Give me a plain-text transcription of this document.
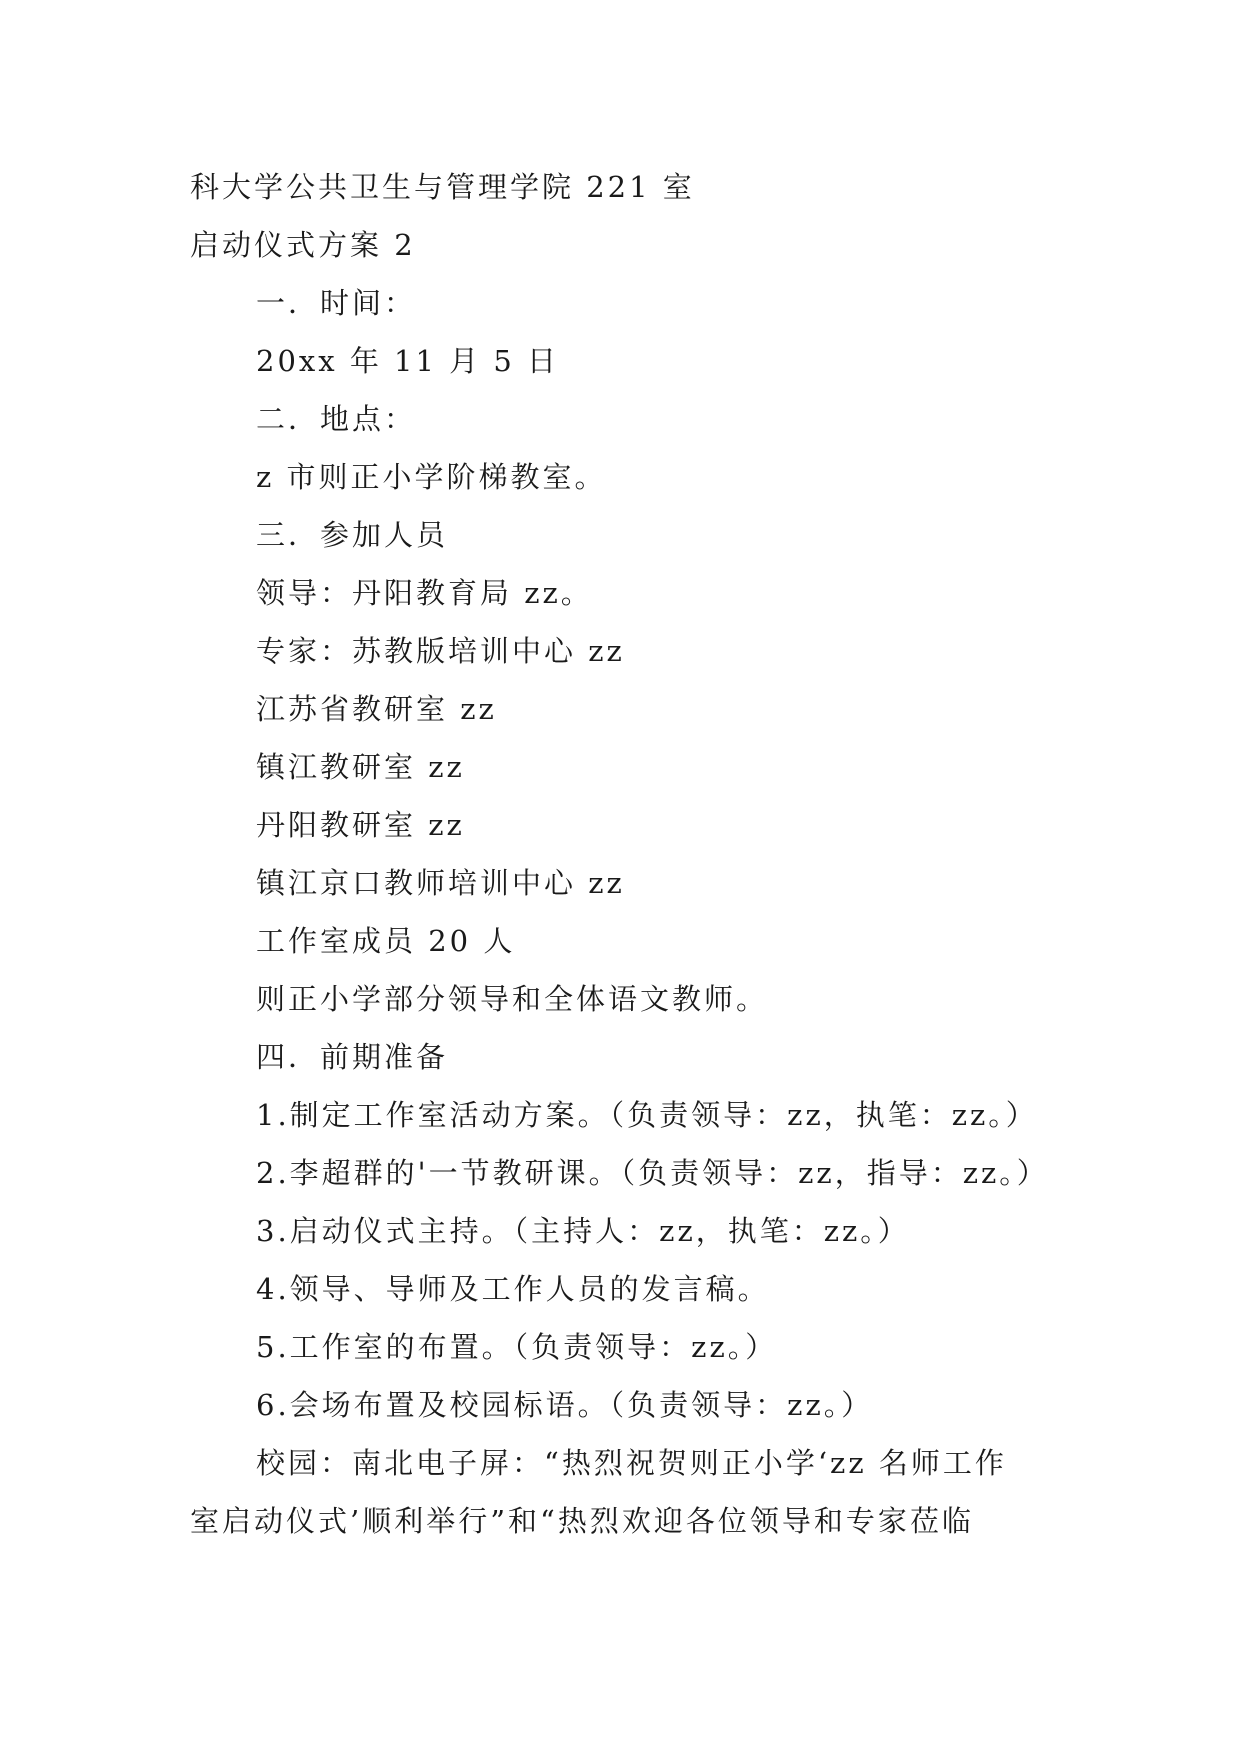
科大学公共卫生与管理学院 221 室
启动仪式方案 2
一．时间：
20xx 年 11 月 5 日
二．地点：
z 市则正小学阶梯教室。
三．参加人员
领导：丹阳教育局 zz。
专家：苏教版培训中心 zz
江苏省教研室 zz
镇江教研室 zz
丹阳教研室 zz
镇江京口教师培训中心 zz
工作室成员 20 人
则正小学部分领导和全体语文教师。
四．前期准备
1.制定工作室活动方案。（负责领导：zz，执笔：zz。）
2.李超群的'一节教研课。（负责领导：zz，指导：zz。）
3.启动仪式主持。（主持人：zz，执笔：zz。）
4.领导、导师及工作人员的发言稿。
5.工作室的布置。（负责领导：zz。）
6.会场布置及校园标语。（负责领导：zz。）
校园：南北电子屏：“热烈祝贺则正小学‘zz 名师工作
室启动仪式’顺利举行”和“热烈欢迎各位领导和专家莅临
